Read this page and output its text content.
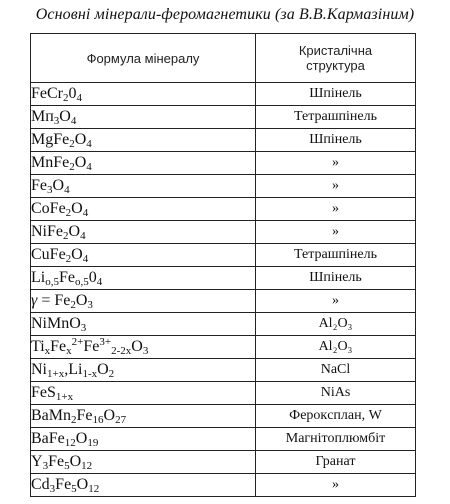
Основні мінерали-феромагнетики (за В.В.Кармазіним)
Формула мінералу	Кристалічна структура
$FeCr_20_4$	Шпінель
$Mп_3O_4$	Тетрашпінель
$MgFe_2O_4$	Шпінель
$MnFe_2O_4$	»
$Fe_3O_4$	»
$CoFe_2O_4$	»
$NiFe_2O_4$	»
$CuFe_2O_4$	Тетрашпінель
$Li_{o,5}Fe_{o,5}0_4$	Шпінель
$\gamma = Fe_2O_3$	»
NiMnO$_3$	Al₂O₃
$Ti_xFe_x^{2+}Fe^{3+}_{2-2x}O_3$	Al₂O₃
$Ni_{1+x},Li_{1-x}O_2$	NaCl
FeS$_{1+x}$	NiAs
$BaMn_2Fe_{16}O_{27}$	Ферокcплан, W
$BaFe_{12}O_{19}$	Магнітоплюмбіт
$Y_3Fe_5O_{12}$	Гранат
$Cd_3Fe_5O_{12}$	»
